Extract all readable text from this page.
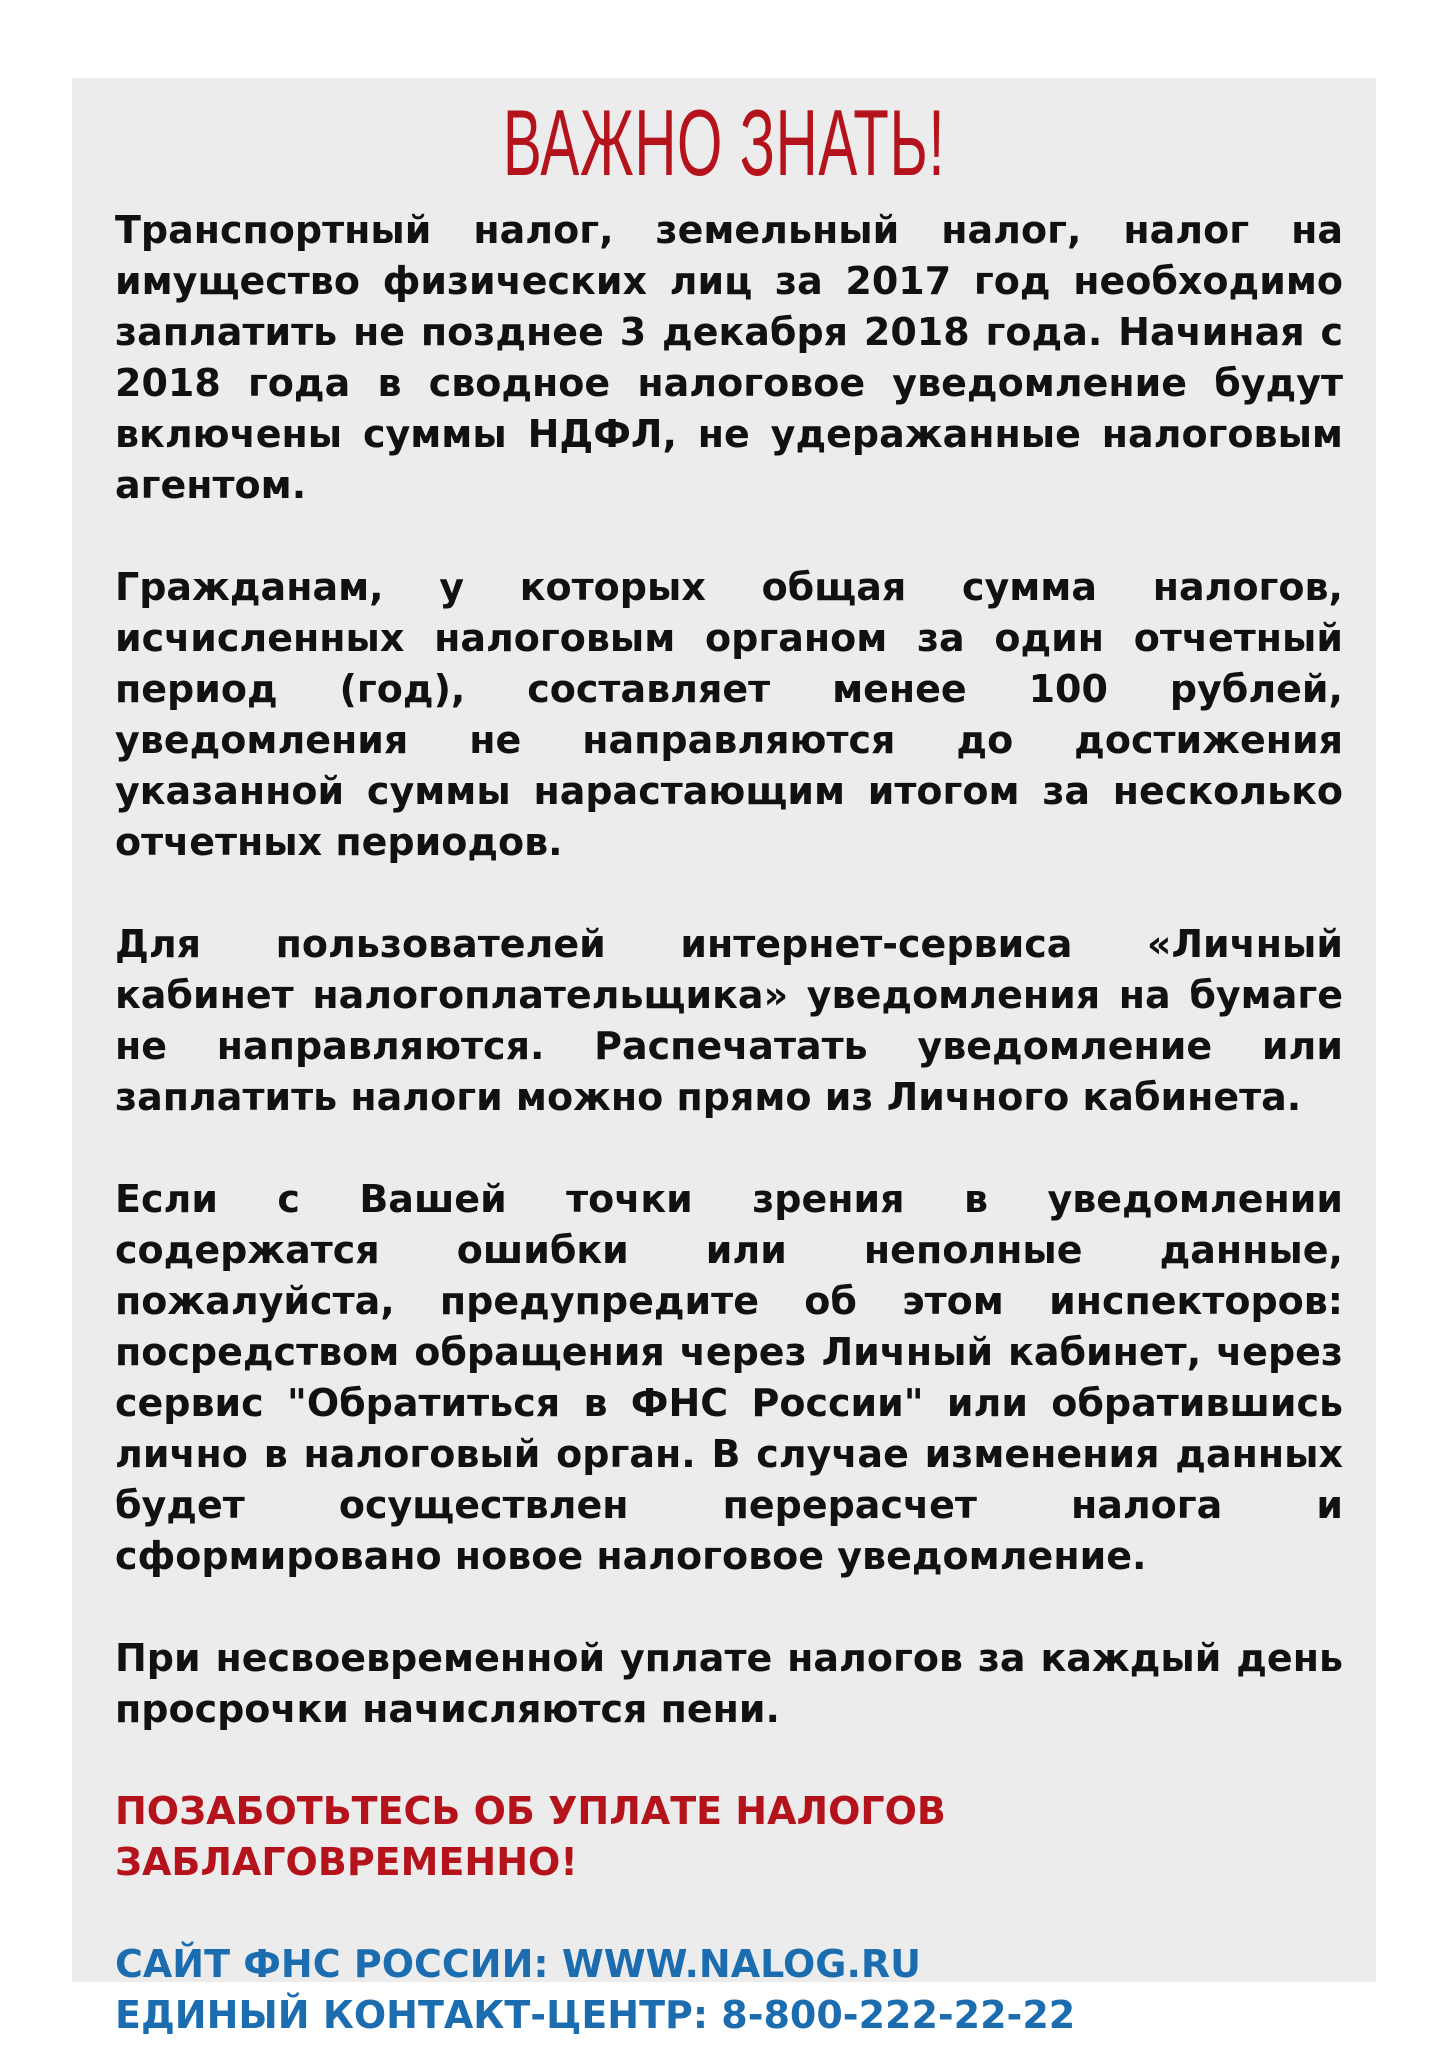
ВАЖНО ЗНАТЬ!

Транспортный налог, земельный налог, налог на имущество физических лиц за 2017 год необходимо заплатить не позднее 3 декабря 2018 года. Начиная с 2018 года в сводное налоговое уведомление будут включены суммы НДФЛ, не удеражанные налоговым агентом.

Гражданам, у которых общая сумма налогов, исчисленных налоговым органом за один отчетный период (год), составляет менее 100 рублей, уведомления не направляются до достижения указанной суммы нарастающим итогом за несколько отчетных периодов.

Для пользователей интернет-сервиса «Личный кабинет налогоплательщика» уведомления на бумаге не направляются. Распечатать уведомление или заплатить налоги можно прямо из Личного кабинета.

Если с Вашей точки зрения в уведомлении содержатся ошибки или неполные данные, пожалуйста, предупредите об этом инспекторов: посредством обращения через Личный кабинет, через сервис "Обратиться в ФНС России" или обратившись лично в налоговый орган. В случае изменения данных будет осуществлен перерасчет налога и сформировано новое налоговое уведомление.

При несвоевременной уплате налогов за каждый день просрочки начисляются пени.

ПОЗАБОТЬТЕСЬ ОБ УПЛАТЕ НАЛОГОВ ЗАБЛАГОВРЕМЕННО!

САЙТ ФНС РОССИИ: WWW.NALOG.RU
ЕДИНЫЙ КОНТАКТ-ЦЕНТР: 8-800-222-22-22
